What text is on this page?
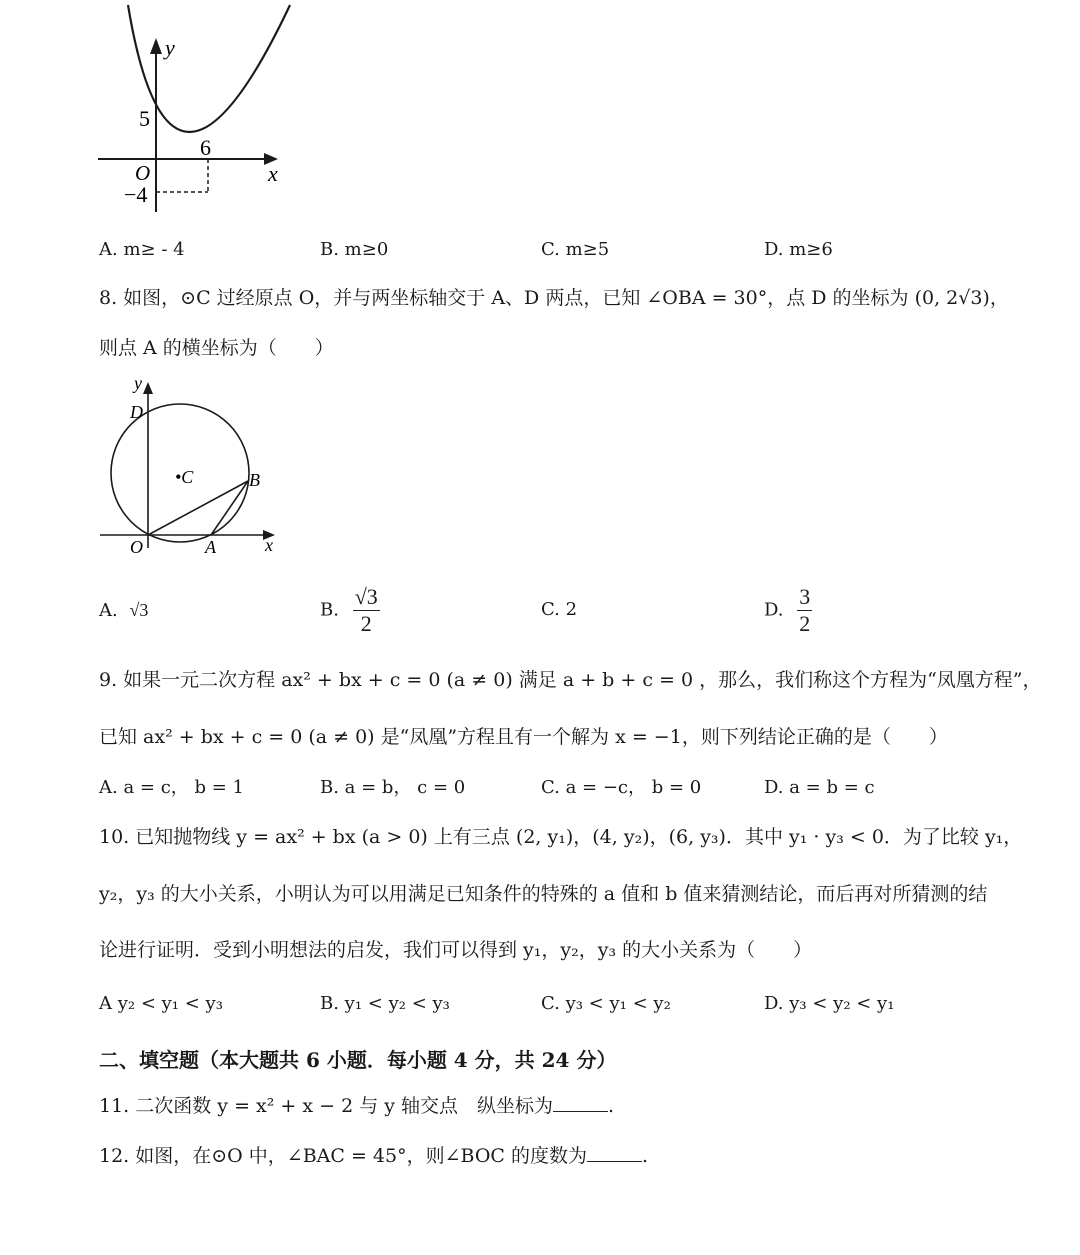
y
x
O
5
6
−4
A. m≥ - 4	B. m≥0	C. m≥5	D. m≥6
8. 如图，⊙C 过经原点 O，并与两坐标轴交于 A、D 两点，已知 ∠OBA = 30°，点 D 的坐标为 (0, 2√3)，
则点 A 的横坐标为（　　）
y
x
O
D
•C	B
A
A. √3	B. $\frac{√3}{2}$	C. 2	D. $\frac{3}{2}$
9. 如果一元二次方程 ax² + bx + c = 0 (a ≠ 0) 满足 a + b + c = 0 ，那么，我们称这个方程为“凤凰方程”，
已知 ax² + bx + c = 0 (a ≠ 0) 是“凤凰”方程且有一个解为 x = −1，则下列结论正确的是（　　）
A. a = c， b = 1	B. a = b， c = 0	C. a = −c， b = 0	D. a = b = c
10. 已知抛物线 y = ax² + bx (a > 0) 上有三点 (2, y₁)，(4, y₂)，(6, y₃)．其中 y₁ · y₃ < 0．为了比较 y₁，
y₂，y₃ 的大小关系，小明认为可以用满足已知条件的特殊的 a 值和 b 值来猜测结论，而后再对所猜测的结
论进行证明．受到小明想法的启发，我们可以得到 y₁，y₂，y₃ 的大小关系为（　　）
A y₂ < y₁ < y₃	B. y₁ < y₂ < y₃	C. y₃ < y₁ < y₂	D. y₃ < y₂ < y₁
二、填空题（本大题共 6 小题．每小题 4 分，共 24 分）
11. 二次函数 y = x² + x − 2 与 y 轴交点　纵坐标为	.
12. 如图，在⊙O 中，∠BAC = 45°，则∠BOC 的度数为	.
